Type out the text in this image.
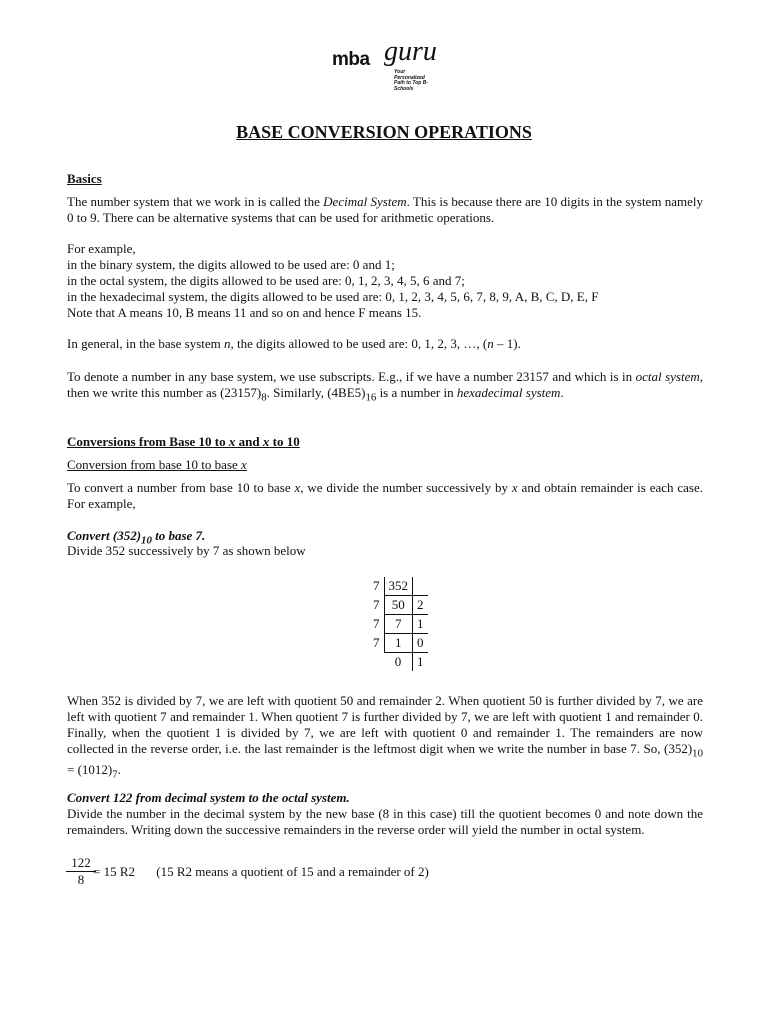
mba guru
Your Personalized Path to Top B-Schools
BASE CONVERSION OPERATIONS

Basics

The number system that we work in is called the Decimal System. This is because there are 10 digits in the system namely 0 to 9. There can be alternative systems that can be used for arithmetic operations.

For example,

in the binary system, the digits allowed to be used are: 0 and 1;

in the octal system, the digits allowed to be used are: 0, 1, 2, 3, 4, 5, 6 and 7;

in the hexadecimal system, the digits allowed to be used are: 0, 1, 2, 3, 4, 5, 6, 7, 8, 9, A, B, C, D, E, F

Note that A means 10, B means 11 and so on and hence F means 15.

In general, in the base system n, the digits allowed to be used are: 0, 1, 2, 3, …, (n – 1).

To denote a number in any base system, we use subscripts. E.g., if we have a number 23157 and which is in octal system, then we write this number as $(23157)_8$. Similarly, $(4BE5)_{16}$ is a number in hexadecimal system.

Conversions from Base 10 to x and x to 10

Conversion from base 10 to base x

To convert a number from base 10 to base x, we divide the number successively by x and obtain remainder is each case. For example,

Convert $(352)_{10}$ to base 7.

Divide 352 successively by 7 as shown below

7	352	
7	50	2
7	7	1
7	1	0
	0	1

When 352 is divided by 7, we are left with quotient 50 and remainder 2. When quotient 50 is further divided by 7, we are left with quotient 7 and remainder 1. When quotient 7 is further divided by 7, we are left with quotient 1 and remainder 0. Finally, when the quotient 1 is divided by 7, we are left with quotient 0 and remainder 1. The remainders are now collected in the reverse order, i.e. the last remainder is the leftmost digit when we write the number in base 7. So, $(352)_{10} = (1012)_7$.

Convert 122 from decimal system to the octal system.

Divide the number in the decimal system by the new base (8 in this case) till the quotient becomes 0 and note down the remainders. Writing down the successive remainders in the reverse order will yield the number in octal system.

$\frac{122}{8}$
= 15 R2 (15 R2 means a quotient of 15 and a remainder of 2)
